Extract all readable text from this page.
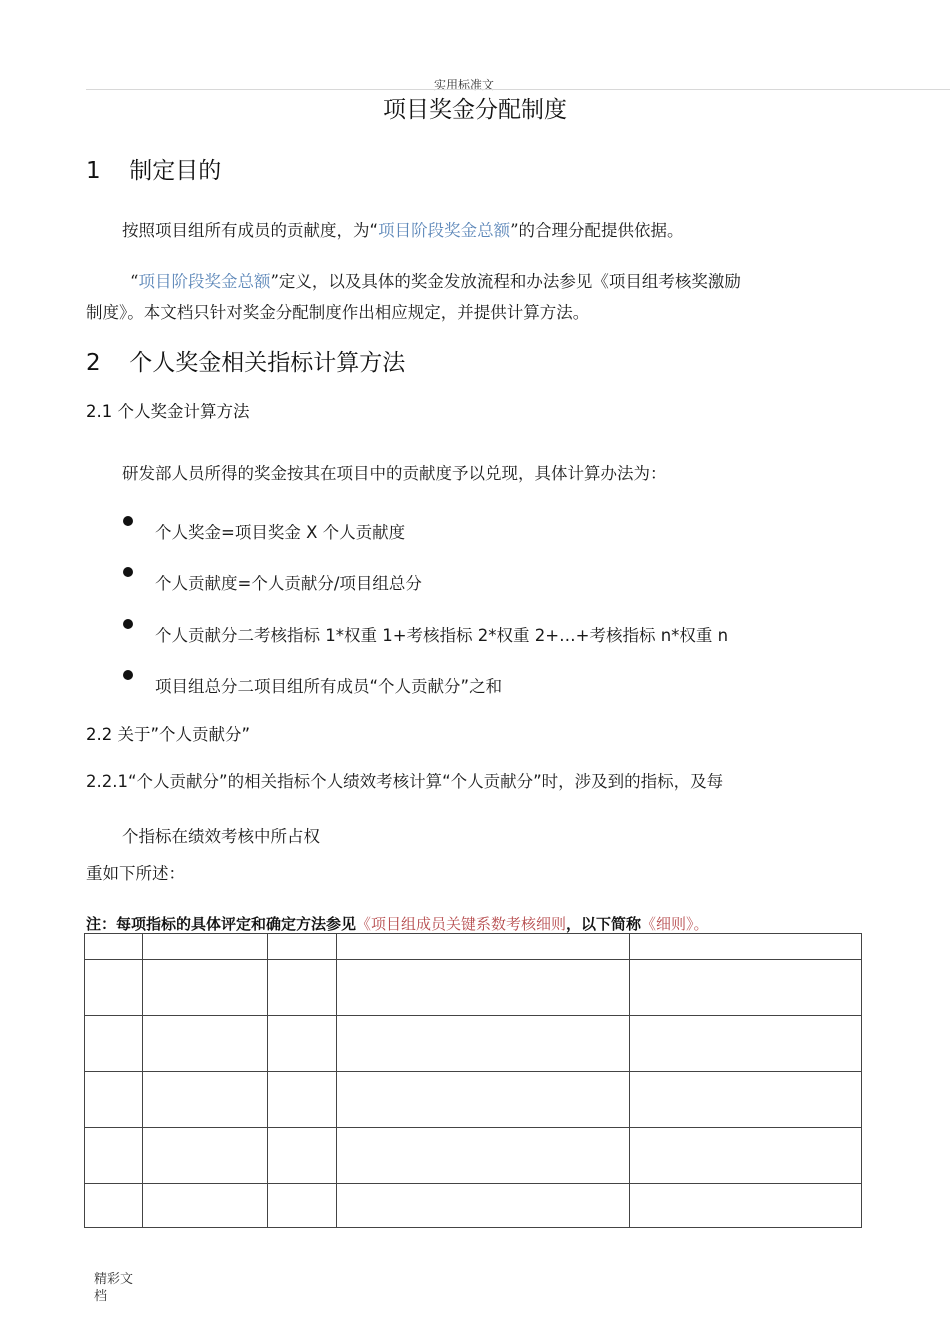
实用标准文
项目奖金分配制度
1 制定目的
按照项目组所有成员的贡献度，为“项目阶段奖金总额”的合理分配提供依据。
“项目阶段奖金总额”定义，以及具体的奖金发放流程和办法参见《项目组考核奖激励
制度》。本文档只针对奖金分配制度作出相应规定，并提供计算方法。
2 个人奖金相关指标计算方法
2.1 个人奖金计算方法
研发部人员所得的奖金按其在项目中的贡献度予以兑现，具体计算办法为：
个人奖金=项目奖金 X 个人贡献度
个人贡献度=个人贡献分/项目组总分
个人贡献分二考核指标 1*权重 1+考核指标 2*权重 2+…+考核指标 n*权重 n
项目组总分二项目组所有成员“个人贡献分”之和
2.2 关于”个人贡献分”
2.2.1“个人贡献分”的相关指标个人绩效考核计算“个人贡献分”时，涉及到的指标，及每
个指标在绩效考核中所占权
重如下所述：
注：每项指标的具体评定和确定方法参见《项目组成员关键系数考核细则，以下简称《细则》。

精彩文
档
